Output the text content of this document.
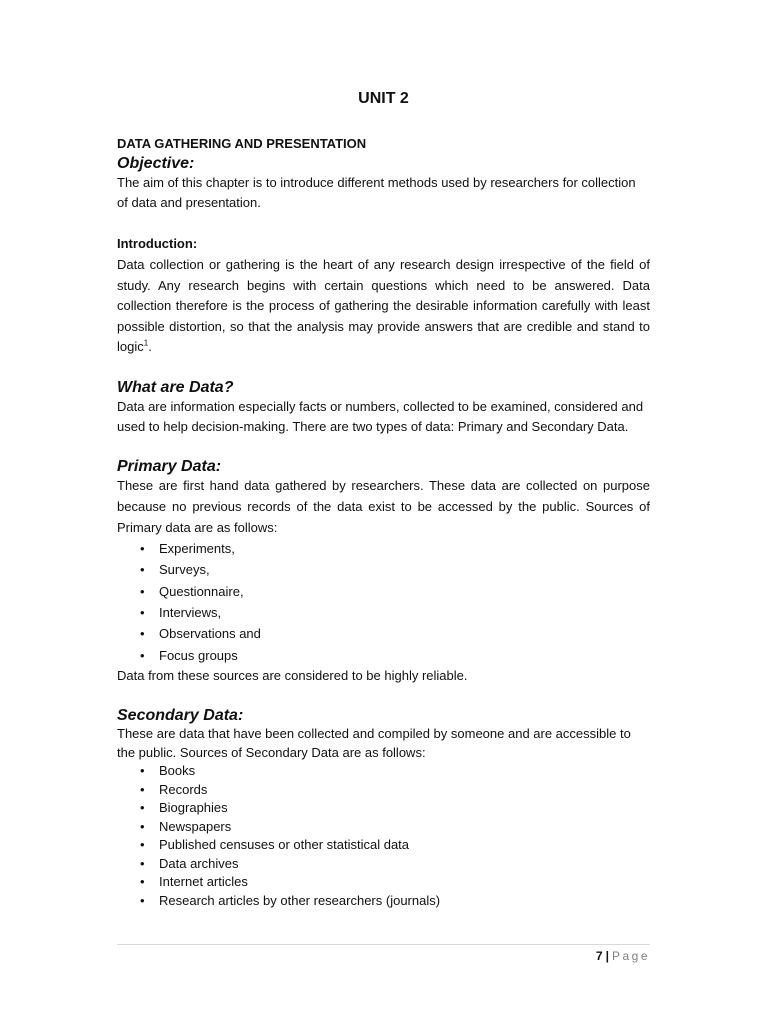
UNIT 2
DATA GATHERING AND PRESENTATION
Objective:

The aim of this chapter is to introduce different methods used by researchers for collection of data and presentation.

Introduction:

Data collection or gathering is the heart of any research design irrespective of the field of study. Any research begins with certain questions which need to be answered. Data collection therefore is the process of gathering the desirable information carefully with least possible distortion, so that the analysis may provide answers that are credible and stand to logic$^1$.

What are Data?

Data are information especially facts or numbers, collected to be examined, considered and used to help decision-making. There are two types of data: Primary and Secondary Data.

Primary Data:

These are first hand data gathered by researchers. These data are collected on purpose because no previous records of the data exist to be accessed by the public. Sources of Primary data are as follows:

• Experiments,
• Surveys,
• Questionnaire,
• Interviews,
• Observations and
• Focus groups

Data from these sources are considered to be highly reliable.

Secondary Data:

These are data that have been collected and compiled by someone and are accessible to the public. Sources of Secondary Data are as follows:

• Books
• Records
• Biographies
• Newspapers
• Published censuses or other statistical data
• Data archives
• Internet articles
• Research articles by other researchers (journals)
7 | Page
